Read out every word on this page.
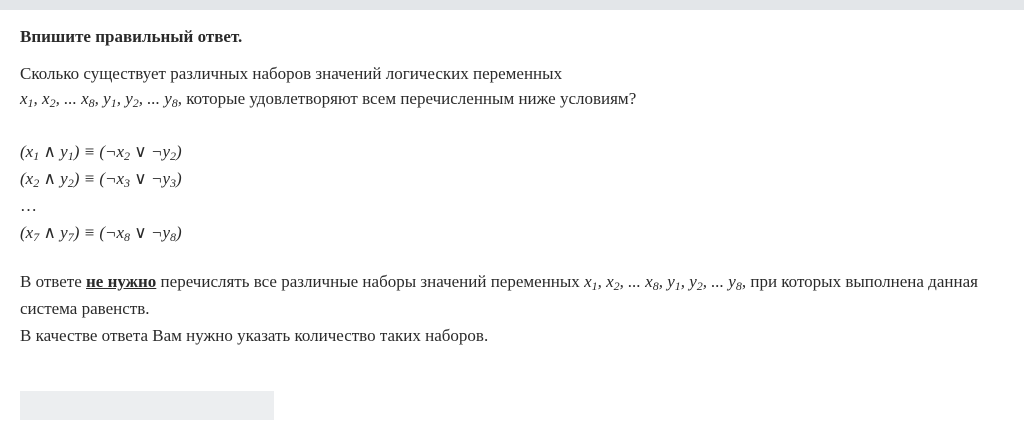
Впишите правильный ответ.

Сколько существует различных наборов значений логических переменных

$x_1$, $x_2$, ... $x_8$, $y_1$, $y_2$, ... $y_8$, которые удовлетворяют всем перечисленным ниже условиям?

($x_1$ ∧ $y_1$) ≡ ($\neg x_2$ ∨ $\neg y_2$)
($x_2$ ∧ $y_2$) ≡ ($\neg x_3$ ∨ $\neg y_3$)
…
($x_7$ ∧ $y_7$) ≡ ($\neg x_8$ ∨ $\neg y_8$)
В ответе не нужно перечислять все различные наборы значений переменных $x_1$, $x_2$, ... $x_8$, $y_1$, $y_2$, ... $y_8$, при которых выполнена данная система равенств.
В качестве ответа Вам нужно указать количество таких наборов.
